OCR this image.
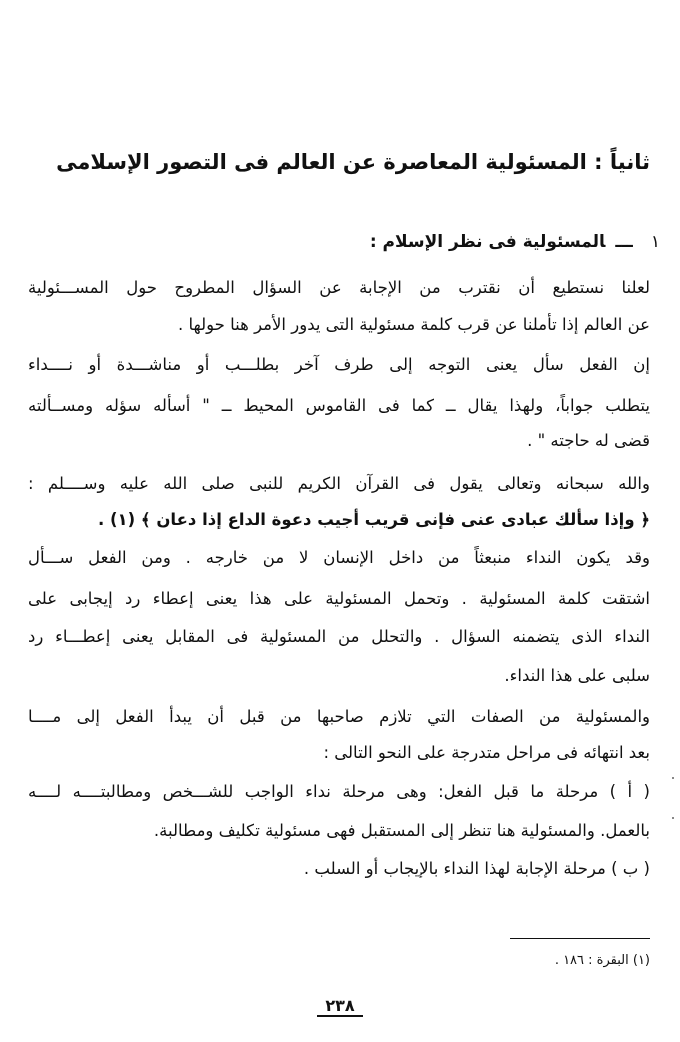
ثانياً : المسئولية المعاصرة عن العالم فى التصور الإسلامى
١ـــالمسئولية فى نظر الإسلام :
لعلنا نستطيع أن نقترب من الإجابة عن السؤال المطروح حول المســـئولية
عن العالم إذا تأملنا عن قرب كلمة مسئولية التى يدور الأمر هنا حولها .
إن الفعل سأل يعنى التوجه إلى طرف آخر بطلـــب أو مناشـــدة أو نــــداء
يتطلب جواباً، ولهذا يقال ــ كما فى القاموس المحيط ــ " أسأله سؤله ومســألته
قضى له حاجته " .
والله سبحانه وتعالى يقول فى القرآن الكريم للنبى صلى الله عليه وســــلم :
﴿ وإذا سألك عبادى عنى فإنى قريب أجيب دعوة الداع إذا دعان ﴾ (١) .
وقد يكون النداء منبعثاً من داخل الإنسان لا من خارجه . ومن الفعل ســـأل
اشتقت كلمة المسئولية . وتحمل المسئولية على هذا يعنى إعطاء رد إيجابى على
النداء الذى يتضمنه السؤال . والتحلل من المسئولية فى المقابل يعنى إعطـــاء رد
سلبى على هذا النداء.
والمسئولية من الصفات التي تلازم صاحبها من قبل أن يبدأ الفعل إلى مــــا
بعد انتهائه فى مراحل متدرجة على النحو التالى :
( أ ) مرحلة ما قبل الفعل: وهى مرحلة نداء الواجب للشـــخص ومطالبتــــه لــــه
بالعمل. والمسئولية هنا تنظر إلى المستقبل فهى مسئولية تكليف ومطالبة.
( ب ) مرحلة الإجابة لهذا النداء بالإيجاب أو السلب .
(١) البقرة : ١٨٦ .
٢٣٨
